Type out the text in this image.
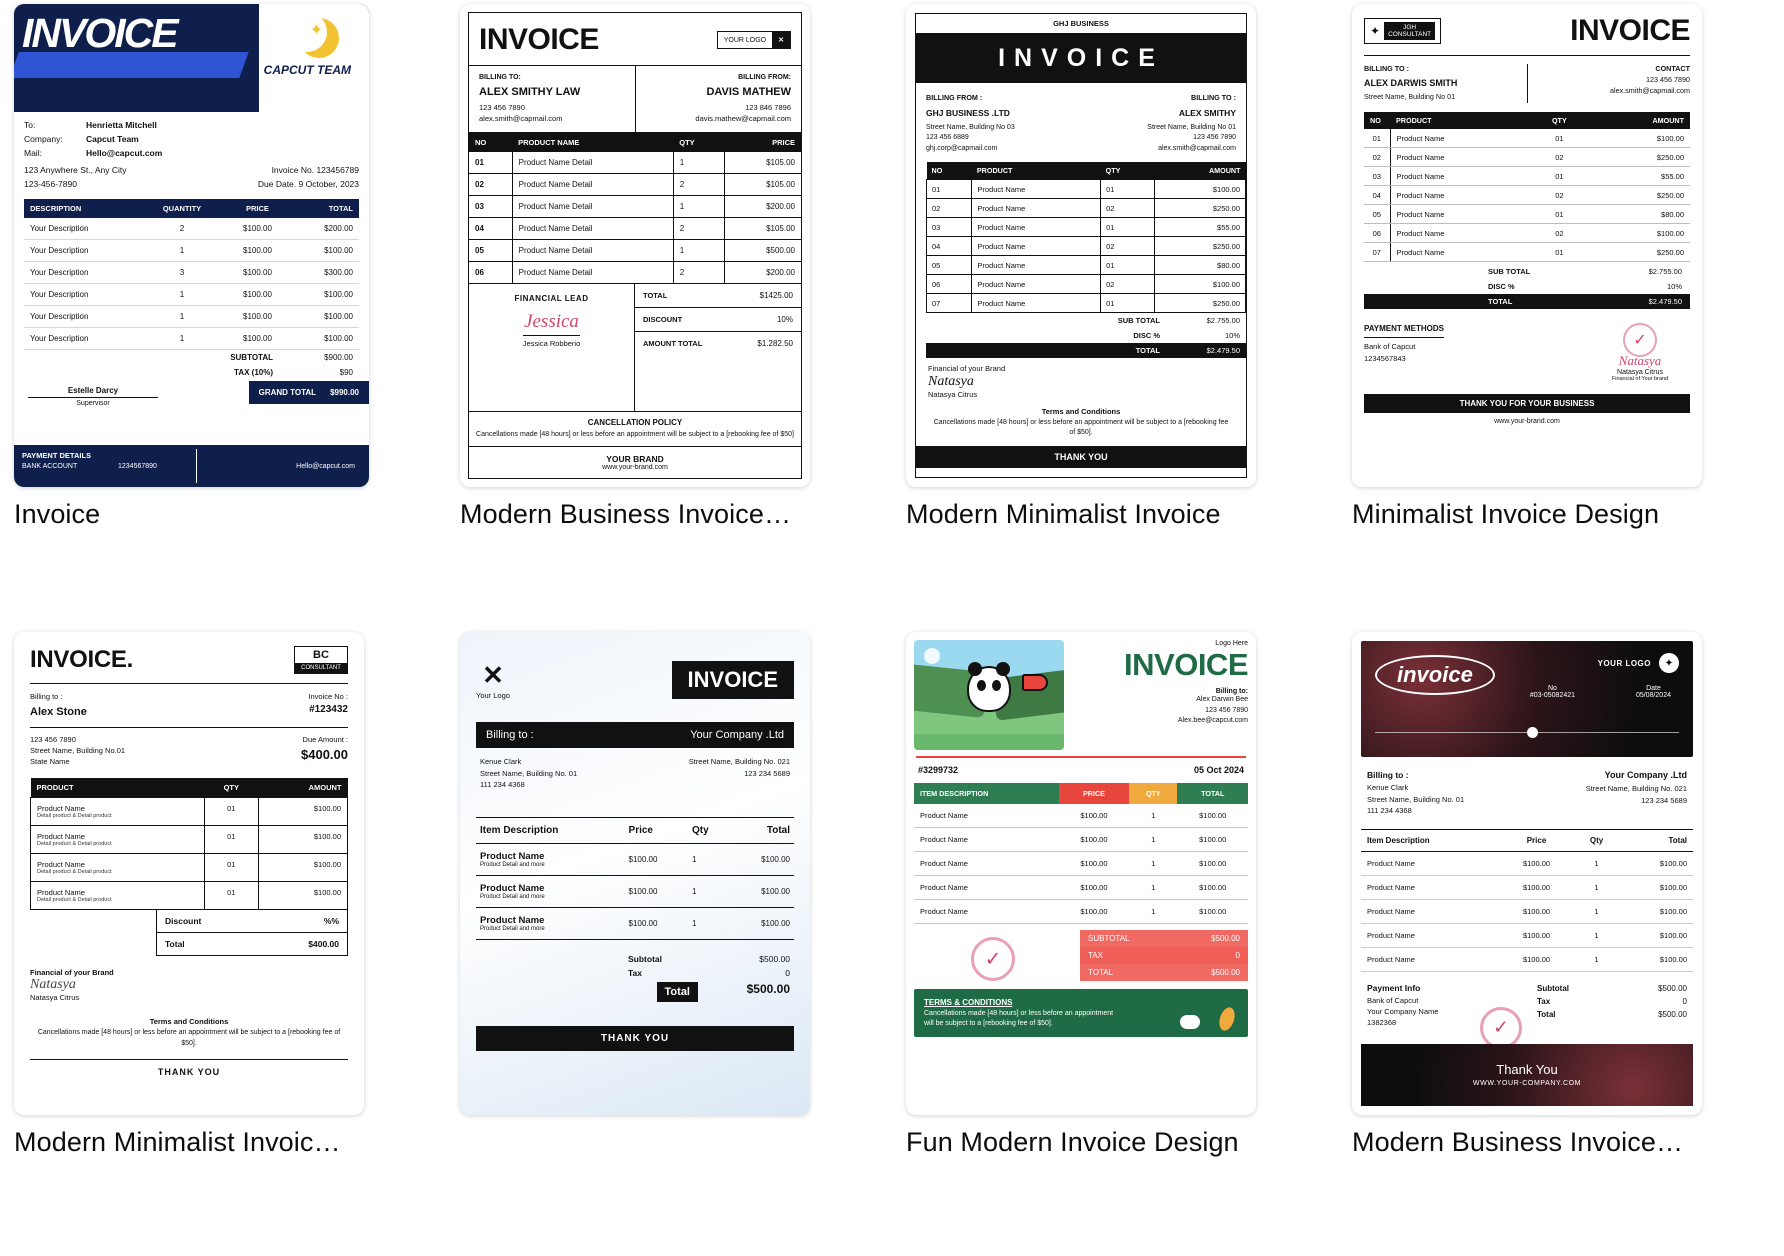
INVOICE	✦
CAPCUT TEAM
To:	Henrietta Mitchell
Company:	Capcut Team
Mail:	Hello@capcut.com
123 Anywhere St., Any City
123-456-7890
Invoice No. 123456789
Due Date. 9 October, 2023
DESCRIPTION	QUANTITY	PRICE	TOTAL
Your Description	2	$100.00	$200.00
Your Description	1	$100.00	$100.00
Your Description	3	$100.00	$300.00
Your Description	1	$100.00	$100.00
Your Description	1	$100.00	$100.00
Your Description	1	$100.00	$100.00
SUBTOTAL	$900.00
TAX (10%)	$90
Estelle Darcy
Supervisor
GRAND TOTAL $990.00
PAYMENT DETAILS
BANK ACCOUNT	1234567890	Hello@capcut.com
Invoice
INVOICE	YOUR LOGO	✕
BILLING TO:
ALEX SMITHY LAW
123 456 7890
alex.smith@capmail.com
BILLING FROM:
DAVIS MATHEW
123 846 7896
davis.mathew@capmail.com
NO	PRODUCT NAME	QTY	PRICE
01	Product Name Detail	1	$105.00
02	Product Name Detail	2	$105.00
03	Product Name Detail	1	$200.00
04	Product Name Detail	2	$105.00
05	Product Name Detail	1	$500.00
06	Product Name Detail	2	$200.00
FINANCIAL LEAD
Jessica
Jessica Robberio
TOTAL	$1425.00
DISCOUNT	10%
AMOUNT TOTAL	$1.282.50
CANCELLATION POLICY
Cancellations made [48 hours] or less before an appointment will be subject to a [rebooking fee of $50]
YOUR BRAND
www.your-brand.com
Modern Business Invoice…
GHJ BUSINESS
INVOICE
BILLING FROM :
GHJ BUSINESS .LTD
Street Name, Building No 03
123 456 6889
ghj.corp@capmail.com
BILLING TO :
ALEX SMITHY
Street Name, Building No 01
123 456 7890
alex.smith@capmail.com
NO	PRODUCT	QTY	AMOUNT
01	Product Name	01	$100.00
02	Product Name	02	$250.00
03	Product Name	01	$55.00
04	Product Name	02	$250.00
05	Product Name	01	$80.00
06	Product Name	02	$100.00
07	Product Name	01	$250.00
SUB TOTAL	$2.755.00
DISC %	10%
TOTAL	$2.479.50
Financial of your Brand
Natasya
Natasya Citrus
Terms and Conditions
Cancellations made [48 hours] or less before an appointment will be subject to a [rebooking fee of $50].
THANK YOU
Modern Minimalist Invoice
✦	JGH
CONSULTANT	INVOICE
BILLING TO :
ALEX DARWIS SMITH
Street Name, Building No 01
CONTACT
123 456 7890
alex.smith@capmail.com
NO	PRODUCT	QTY	AMOUNT
01	Product Name	01	$100.00
02	Product Name	02	$250.00
03	Product Name	01	$55.00
04	Product Name	02	$250.00
05	Product Name	01	$80.00
06	Product Name	02	$100.00
07	Product Name	01	$250.00
SUB TOTAL	$2.755.00
DISC %	10%
TOTAL	$2.479.50
PAYMENT METHODS
Bank of Capcut
1234567843
✓	Natasya
Natasya Citrus
Financial of Your brand
THANK YOU FOR YOUR BUSINESS
www.your-brand.com
Minimalist Invoice Design
INVOICE.	BC
CONSULTANT
Billing to :
Alex Stone
Invoice No :
#123432
123 456 7890
Street Name, Building No.01
State Name
Due Amount :
$400.00
PRODUCT	QTY	AMOUNT

Product Name
Detail product & Detail product	01	$100.00

Product Name
Detail product & Detail product	01	$100.00

Product Name
Detail product & Detail product	01	$100.00

Product Name
Detail product & Detail product	01	$100.00
Discount	%%
Total	$400.00
Financial of your Brand
Natasya
Natasya Citrus
Terms and Conditions
Cancellations made [48 hours] or less before an appointment will be subject to a [rebooking fee of $50].
THANK YOU
Modern Minimalist Invoic…
✕
Your Logo
INVOICE
Billing to :	Your Company .Ltd
Kenue Clark
Street Name, Building No. 01
111 234 4368
Street Name, Building No. 021
123 234 5689
Item Description	Price	Qty	Total

Product Name
Product Detail and more	$100.00	1	$100.00

Product Name
Product Detail and more	$100.00	1	$100.00

Product Name
Product Detail and more	$100.00	1	$100.00
Subtotal	$500.00
Tax	0
Total	$500.00
THANK YOU
Logo Here
INVOICE
Billing to:
Alex Darwin Bee
123 456 7890
Alex.bee@capcut.com
#3299732	05 Oct 2024
ITEM DESCRIPTION	PRICE	QTY	TOTAL
Product Name	$100.00	1	$100.00
Product Name	$100.00	1	$100.00
Product Name	$100.00	1	$100.00
Product Name	$100.00	1	$100.00
Product Name	$100.00	1	$100.00
✓
SUBTOTAL	$500.00
TAX	0
TOTAL	$500.00
TERMS & CONDITIONS
Cancellations made [48 hours] or less before an appointment will be subject to a [rebooking fee of $50].
Fun Modern Invoice Design
invoice	YOUR LOGO
✦
No
#03-05082421
Date
05/08/2024
Billing to :
Kenue Clark
Street Name, Building No. 01
111 234 4368
Your Company .Ltd
Street Name, Building No. 021
123 234 5689
Item Description	Price	Qty	Total
Product Name	$100.00	1	$100.00
Product Name	$100.00	1	$100.00
Product Name	$100.00	1	$100.00
Product Name	$100.00	1	$100.00
Product Name	$100.00	1	$100.00
Payment Info
Bank of Capcut
Your Company Name
1382368
Subtotal	$500.00
Tax	0
Total	$500.00
✓
Thank You
WWW.YOUR-COMPANY.COM
Modern Business Invoice…
